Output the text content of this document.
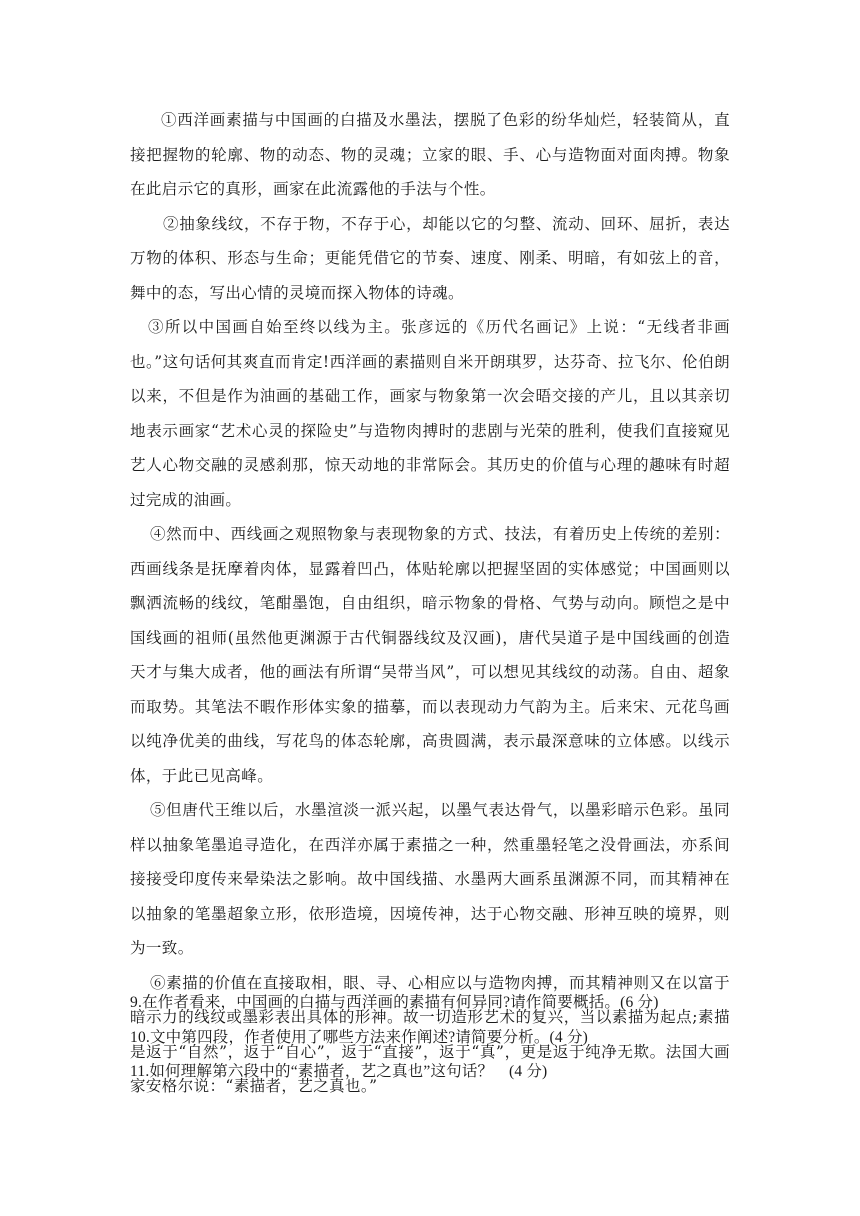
①西洋画素描与中国画的白描及水墨法，摆脱了色彩的纷华灿烂，轻装简从，直接把握物的轮廓、物的动态、物的灵魂；立家的眼、手、心与造物面对面肉搏。物象在此启示它的真形，画家在此流露他的手法与个性。

②抽象线纹，不存于物，不存于心，却能以它的匀整、流动、回环、屈折，表达万物的体积、形态与生命；更能凭借它的节奏、速度、刚柔、明暗，有如弦上的音，舞中的态，写出心情的灵境而探入物体的诗魂。

③所以中国画自始至终以线为主。张彦远的《历代名画记》上说：“无线者非画也。”这句话何其爽直而肯定!西洋画的素描则自米开朗琪罗，达芬奇、拉飞尔、伦伯朗以来，不但是作为油画的基础工作，画家与物象第一次会晤交接的产儿，且以其亲切地表示画家“艺术心灵的探险史”与造物肉搏时的悲剧与光荣的胜利，使我们直接窥见艺人心物交融的灵感刹那，惊天动地的非常际会。其历史的价值与心理的趣味有时超过完成的油画。

④然而中、西线画之观照物象与表现物象的方式、技法，有着历史上传统的差别：西画线条是抚摩着肉体，显露着凹凸，体贴轮廓以把握坚固的实体感觉；中国画则以飘洒流畅的线纹，笔酣墨饱，自由组织，暗示物象的骨格、气势与动向。顾恺之是中国线画的祖师(虽然他更渊源于古代铜器线纹及汉画)，唐代吴道子是中国线画的创造天才与集大成者，他的画法有所谓“吴带当风”，可以想见其线纹的动荡。自由、超象而取势。其笔法不暇作形体实象的描摹，而以表现动力气韵为主。后来宋、元花鸟画以纯净优美的曲线，写花鸟的体态轮廓，高贵圆满，表示最深意味的立体感。以线示体，于此已见高峰。

⑤但唐代王维以后，水墨渲淡一派兴起，以墨气表达骨气，以墨彩暗示色彩。虽同样以抽象笔墨追寻造化，在西洋亦属于素描之一种，然重墨轻笔之没骨画法，亦系间接接受印度传来晕染法之影响。故中国线描、水墨两大画系虽渊源不同，而其精神在以抽象的笔墨超象立形，依形造境，因境传神，达于心物交融、形神互映的境界，则为一致。

⑥素描的价值在直接取相，眼、寻、心相应以与造物肉搏，而其精神则又在以富于暗示力的线纹或墨彩表出具体的形神。故一切造形艺术的复兴，当以素描为起点;素描是返于“自然”，返于“自心”，返于“直接”，返于“真”，更是返于纯净无欺。法国大画家安格尔说：“素描者，艺之真也。”

9.在作者看来，中国画的白描与西洋画的素描有何异同?请作简要概括。(6 分)

10.文中第四段，作者使用了哪些方法来作阐述?请简要分析。(4 分)

11.如何理解第六段中的“素描者，艺之真也”这句话？　(4 分)
